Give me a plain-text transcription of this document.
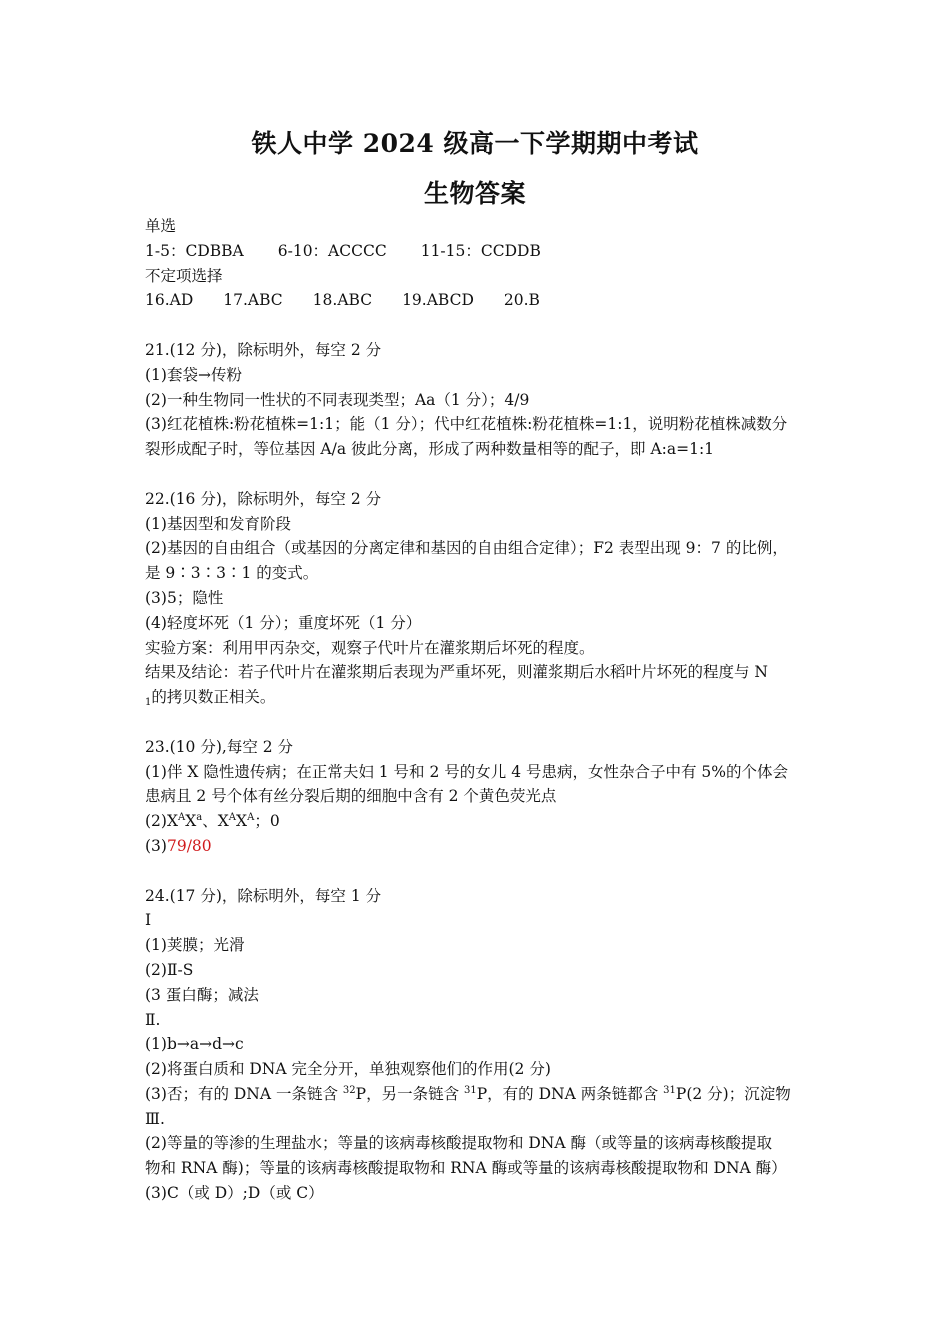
铁人中学 2024 级高一下学期期中考试
生物答案

单选

1-5：CDBBA 6-10：ACCCC 11-15：CCDDB

不定项选择

16.AD 17.ABC 18.ABC 19.ABCD 20.B

21.(12 分)，除标明外，每空 2 分

(1)套袋→传粉

(2)一种生物同一性状的不同表现类型；Aa（1 分）；4/9

(3)红花植株:粉花植株=1:1；能（1 分）；代中红花植株:粉花植株=1:1，说明粉花植株减数分

裂形成配子时，等位基因 A/a 彼此分离，形成了两种数量相等的配子，即 A:a=1:1

22.(16 分)，除标明外，每空 2 分

(1)基因型和发育阶段

(2)基因的自由组合（或基因的分离定律和基因的自由组合定律）；F2 表型出现 9：7 的比例，

是 9∶3∶3∶1 的变式。

(3)5；隐性

(4)轻度坏死（1 分）；重度坏死（1 分）

实验方案：利用甲丙杂交，观察子代叶片在灌浆期后坏死的程度。

结果及结论：若子代叶片在灌浆期后表现为严重坏死，则灌浆期后水稻叶片坏死的程度与 N

$_1$的拷贝数正相关。

23.(10 分),每空 2 分

(1)伴 X 隐性遗传病；在正常夫妇 1 号和 2 号的女儿 4 号患病，女性杂合子中有 5%的个体会

患病且 2 号个体有丝分裂后期的细胞中含有 2 个黄色荧光点

$(2)X^AX^a$、$X^AX^A$；0

(3)79/80

24.(17 分)，除标明外，每空 1 分

I

(1)荚膜；光滑

(2)Ⅱ-S

(3 蛋白酶；减法

Ⅱ.

(1)b→a→d→c

(2)将蛋白质和 DNA 完全分开，单独观察他们的作用(2 分)

(3)否；有的 DNA 一条链含 $^{32}$P，另一条链含 $^{31}$P，有的 DNA 两条链都含 $^{31}$P(2 分)；沉淀物

Ⅲ.

(2)等量的等渗的生理盐水；等量的该病毒核酸提取物和 DNA 酶（或等量的该病毒核酸提取

物和 RNA 酶)；等量的该病毒核酸提取物和 RNA 酶或等量的该病毒核酸提取物和 DNA 酶）

(3)C（或 D）;D（或 C）
